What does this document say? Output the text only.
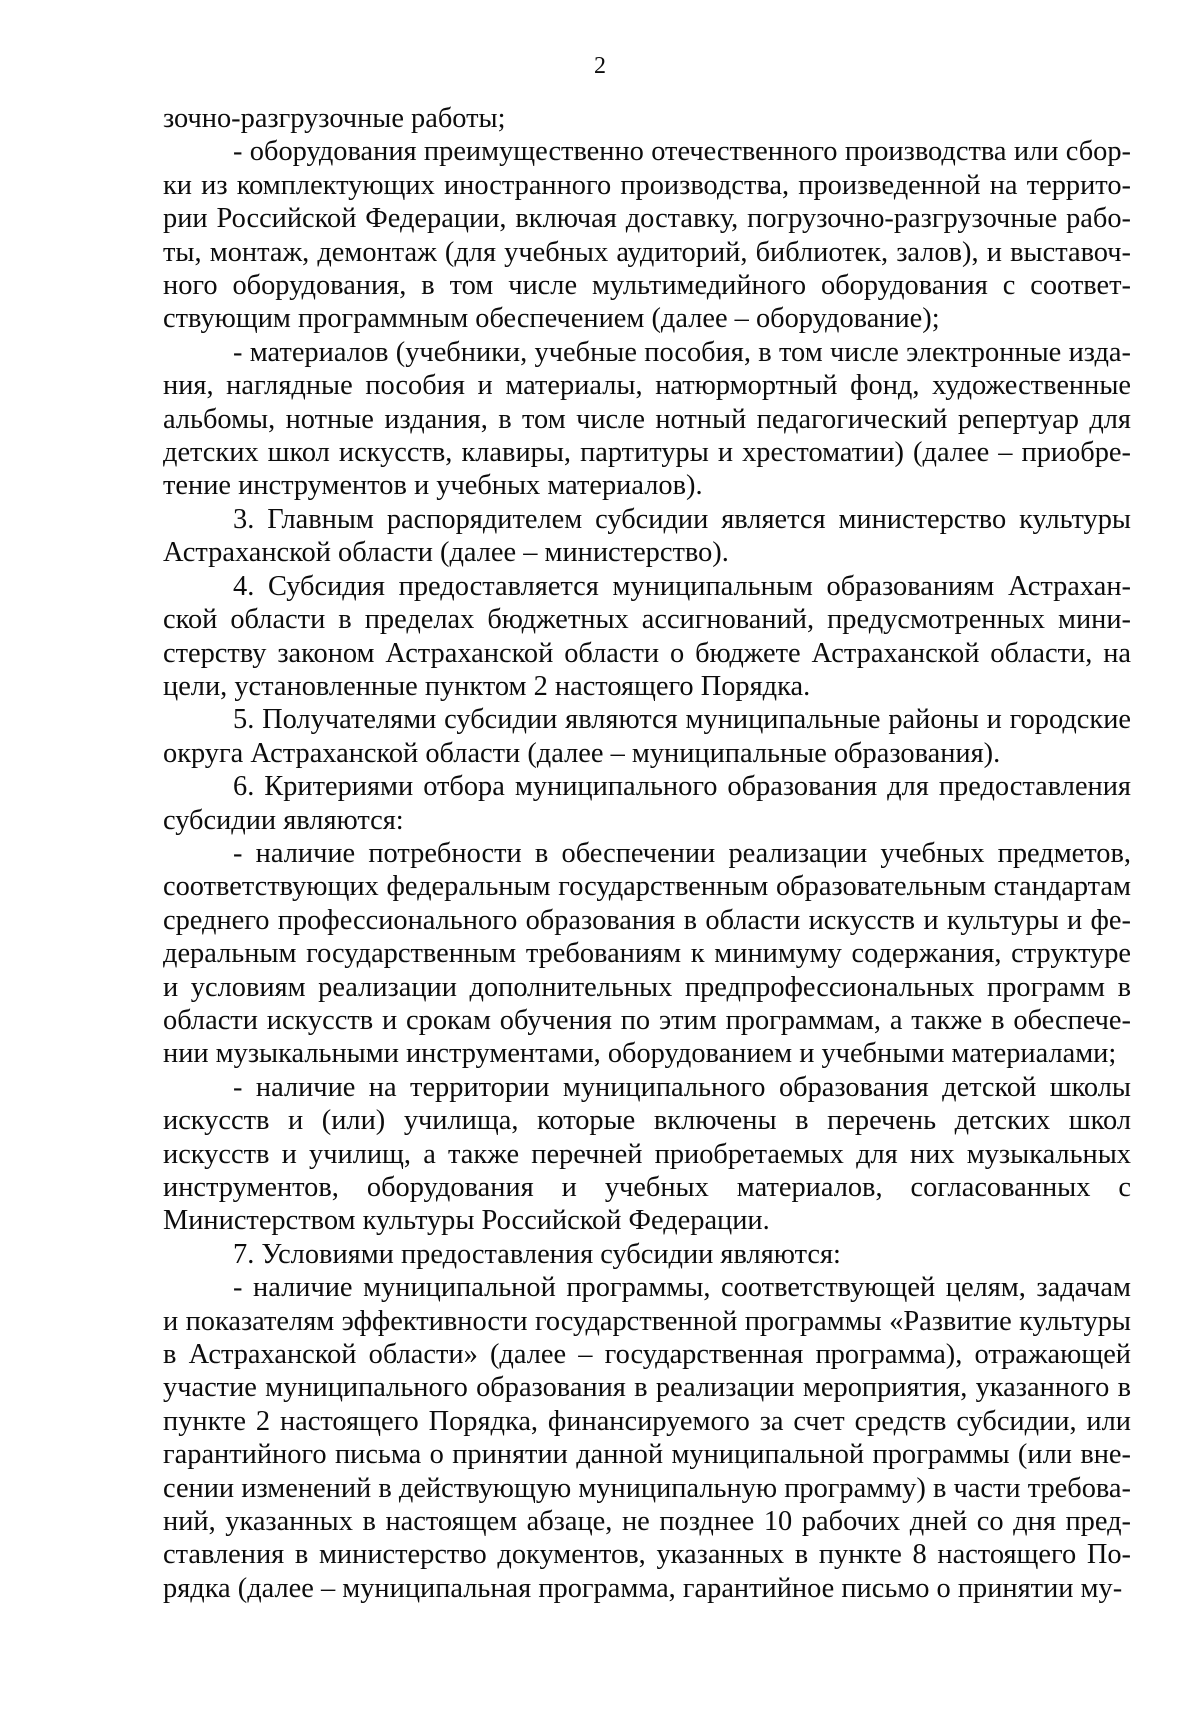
2

зочно-разгрузочные работы;

- оборудования преимущественно отечественного производства или сборки из комплектующих иностранного производства, произведенной на территории Российской Федерации, включая доставку, погрузочно-разгрузочные работы, монтаж, демонтаж (для учебных аудиторий, библиотек, залов), и выставочного оборудования, в том числе мультимедийного оборудования с соответствующим программным обеспечением (далее – оборудование);

- материалов (учебники, учебные пособия, в том числе электронные издания, наглядные пособия и материалы, натюрмортный фонд, художественные альбомы, нотные издания, в том числе нотный педагогический репертуар для детских школ искусств, клавиры, партитуры и хрестоматии) (далее – приобретение инструментов и учебных материалов).

3. Главным распорядителем субсидии является министерство культуры Астраханской области (далее – министерство).

4. Субсидия предоставляется муниципальным образованиям Астраханской области в пределах бюджетных ассигнований, предусмотренных министерству законом Астраханской области о бюджете Астраханской области, на цели, установленные пунктом 2 настоящего Порядка.

5. Получателями субсидии являются муниципальные районы и городские округа Астраханской области (далее – муниципальные образования).

6. Критериями отбора муниципального образования для предоставления субсидии являются:

- наличие потребности в обеспечении реализации учебных предметов, соответствующих федеральным государственным образовательным стандартам среднего профессионального образования в области искусств и культуры и федеральным государственным требованиям к минимуму содержания, структуре и условиям реализации дополнительных предпрофессиональных программ в области искусств и срокам обучения по этим программам, а также в обеспечении музыкальными инструментами, оборудованием и учебными материалами;

- наличие на территории муниципального образования детской школы искусств и (или) училища, которые включены в перечень детских школ искусств и училищ, а также перечней приобретаемых для них музыкальных инструментов, оборудования и учебных материалов, согласованных с Министерством культуры Российской Федерации.

7. Условиями предоставления субсидии являются:

- наличие муниципальной программы, соответствующей целям, задачам и показателям эффективности государственной программы «Развитие культуры в Астраханской области» (далее – государственная программа), отражающей участие муниципального образования в реализации мероприятия, указанного в пункте 2 настоящего Порядка, финансируемого за счет средств субсидии, или гарантийного письма о принятии данной муниципальной программы (или внесении изменений в действующую муниципальную программу) в части требований, указанных в настоящем абзаце, не позднее 10 рабочих дней со дня представления в министерство документов, указанных в пункте 8 настоящего Порядка (далее – муниципальная программа, гарантийное письмо о принятии му-
